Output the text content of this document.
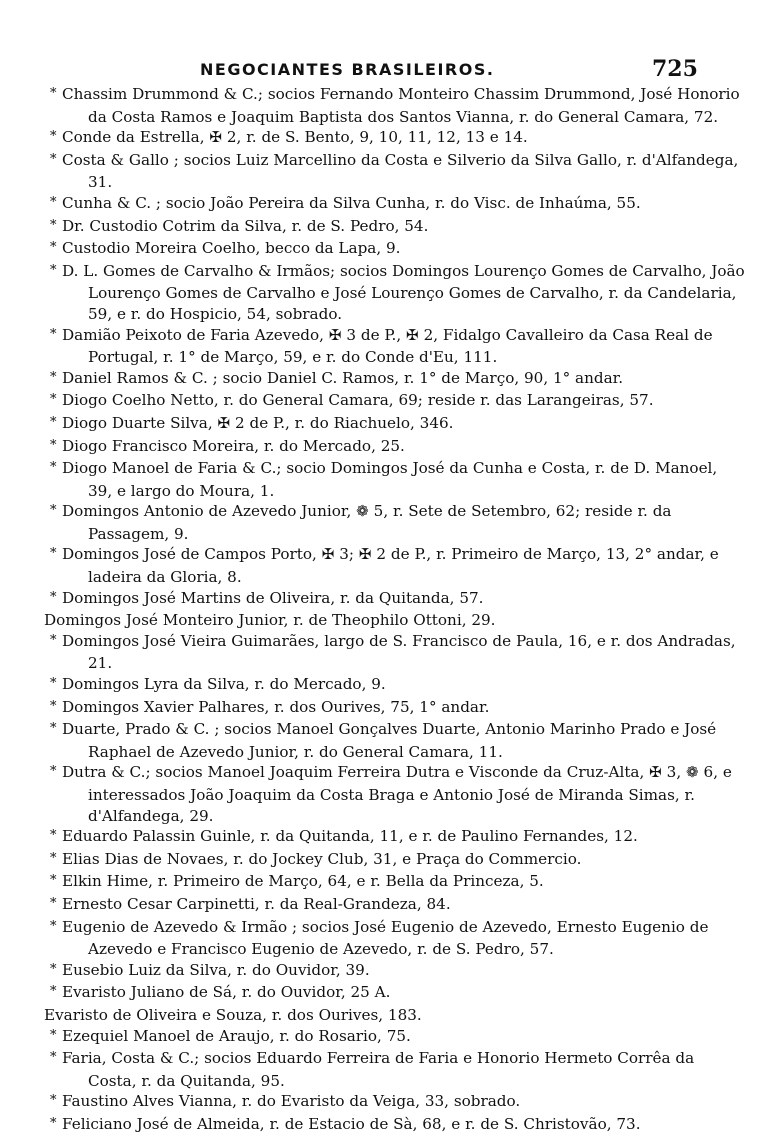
NEGOCIANTES BRASILEIROS.	725

* Chassim Drummond & C.; socios Fernando Monteiro Chassim Drummond, José Honorio da Costa Ramos e Joaquim Baptista dos Santos Vianna, r. do General Camara, 72.

* Conde da Estrella, ✠ 2, r. de S. Bento, 9, 10, 11, 12, 13 e 14.

* Costa & Gallo ; socios Luiz Marcellino da Costa e Silverio da Silva Gallo, r. d'Alfandega, 31.

* Cunha & C. ; socio João Pereira da Silva Cunha, r. do Visc. de Inhaúma, 55.

* Dr. Custodio Cotrim da Silva, r. de S. Pedro, 54.

* Custodio Moreira Coelho, becco da Lapa, 9.

* D. L. Gomes de Carvalho & Irmãos; socios Domingos Lourenço Gomes de Carvalho, João Lourenço Gomes de Carvalho e José Lourenço Gomes de Carvalho, r. da Candelaria, 59, e r. do Hospicio, 54, sobrado.

* Damião Peixoto de Faria Azevedo, ✠ 3 de P., ✠ 2, Fidalgo Cavalleiro da Casa Real de Portugal, r. 1° de Março, 59, e r. do Conde d'Eu, 111.

* Daniel Ramos & C. ; socio Daniel C. Ramos, r. 1° de Março, 90, 1° andar.

* Diogo Coelho Netto, r. do General Camara, 69; reside r. das Larangeiras, 57.

* Diogo Duarte Silva, ✠ 2 de P., r. do Riachuelo, 346.

* Diogo Francisco Moreira, r. do Mercado, 25.

* Diogo Manoel de Faria & C.; socio Domingos José da Cunha e Costa, r. de D. Manoel, 39, e largo do Moura, 1.

* Domingos Antonio de Azevedo Junior, ❁ 5, r. Sete de Setembro, 62; reside r. da Passagem, 9.

* Domingos José de Campos Porto, ✠ 3; ✠ 2 de P., r. Primeiro de Março, 13, 2° andar, e ladeira da Gloria, 8.

* Domingos José Martins de Oliveira, r. da Quitanda, 57.

Domingos José Monteiro Junior, r. de Theophilo Ottoni, 29.

* Domingos José Vieira Guimarães, largo de S. Francisco de Paula, 16, e r. dos Andradas, 21.

* Domingos Lyra da Silva, r. do Mercado, 9.

* Domingos Xavier Palhares, r. dos Ourives, 75, 1° andar.

* Duarte, Prado & C. ; socios Manoel Gonçalves Duarte, Antonio Marinho Prado e José Raphael de Azevedo Junior, r. do General Camara, 11.

* Dutra & C.; socios Manoel Joaquim Ferreira Dutra e Visconde da Cruz-Alta, ✠ 3, ❁ 6, e interessados João Joaquim da Costa Braga e Antonio José de Miranda Simas, r. d'Alfandega, 29.

* Eduardo Palassin Guinle, r. da Quitanda, 11, e r. de Paulino Fernandes, 12.

* Elias Dias de Novaes, r. do Jockey Club, 31, e Praça do Commercio.

* Elkin Hime, r. Primeiro de Março, 64, e r. Bella da Princeza, 5.

* Ernesto Cesar Carpinetti, r. da Real-Grandeza, 84.

* Eugenio de Azevedo & Irmão ; socios José Eugenio de Azevedo, Ernesto Eugenio de Azevedo e Francisco Eugenio de Azevedo, r. de S. Pedro, 57.

* Eusebio Luiz da Silva, r. do Ouvidor, 39.

* Evaristo Juliano de Sá, r. do Ouvidor, 25 A.

Evaristo de Oliveira e Souza, r. dos Ourives, 183.

* Ezequiel Manoel de Araujo, r. do Rosario, 75.

* Faria, Costa & C.; socios Eduardo Ferreira de Faria e Honorio Hermeto Corrêa da Costa, r. da Quitanda, 95.

* Faustino Alves Vianna, r. do Evaristo da Veiga, 33, sobrado.

* Feliciano José de Almeida, r. de Estacio de Sà, 68, e r. de S. Christovão, 73.
